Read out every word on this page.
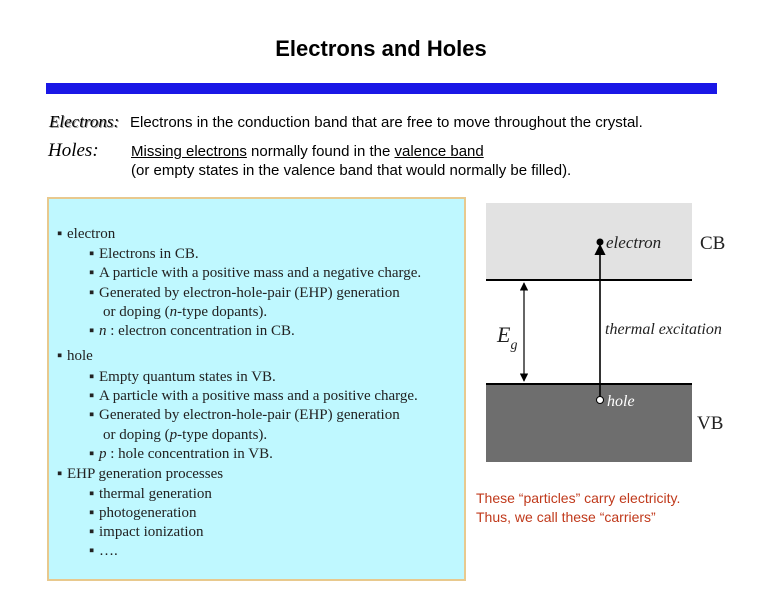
Electrons and Holes
Electrons: Electrons in the conduction band that are free to move throughout the crystal.
Holes: Missing electrons normally found in the valence band
(or empty states in the valence band that would normally be filled).
▪ electron
▪ Electrons in CB.
▪ A particle with a positive mass and a negative charge.
▪ Generated by electron-hole-pair (EHP) generation
or doping (n-type dopants).
▪ n : electron concentration in CB.
▪ hole
▪ Empty quantum states in VB.
▪ A particle with a positive mass and a positive charge.
▪ Generated by electron-hole-pair (EHP) generation
or doping (p-type dopants).
▪ p : hole concentration in VB.
▪ EHP generation processes
▪ thermal generation
▪ photogeneration
▪ impact ionization
▪ ….
electron CB
thermal excitation
hole
VB
$E_g$
These “particles” carry electricity.
Thus, we call these “carriers”
